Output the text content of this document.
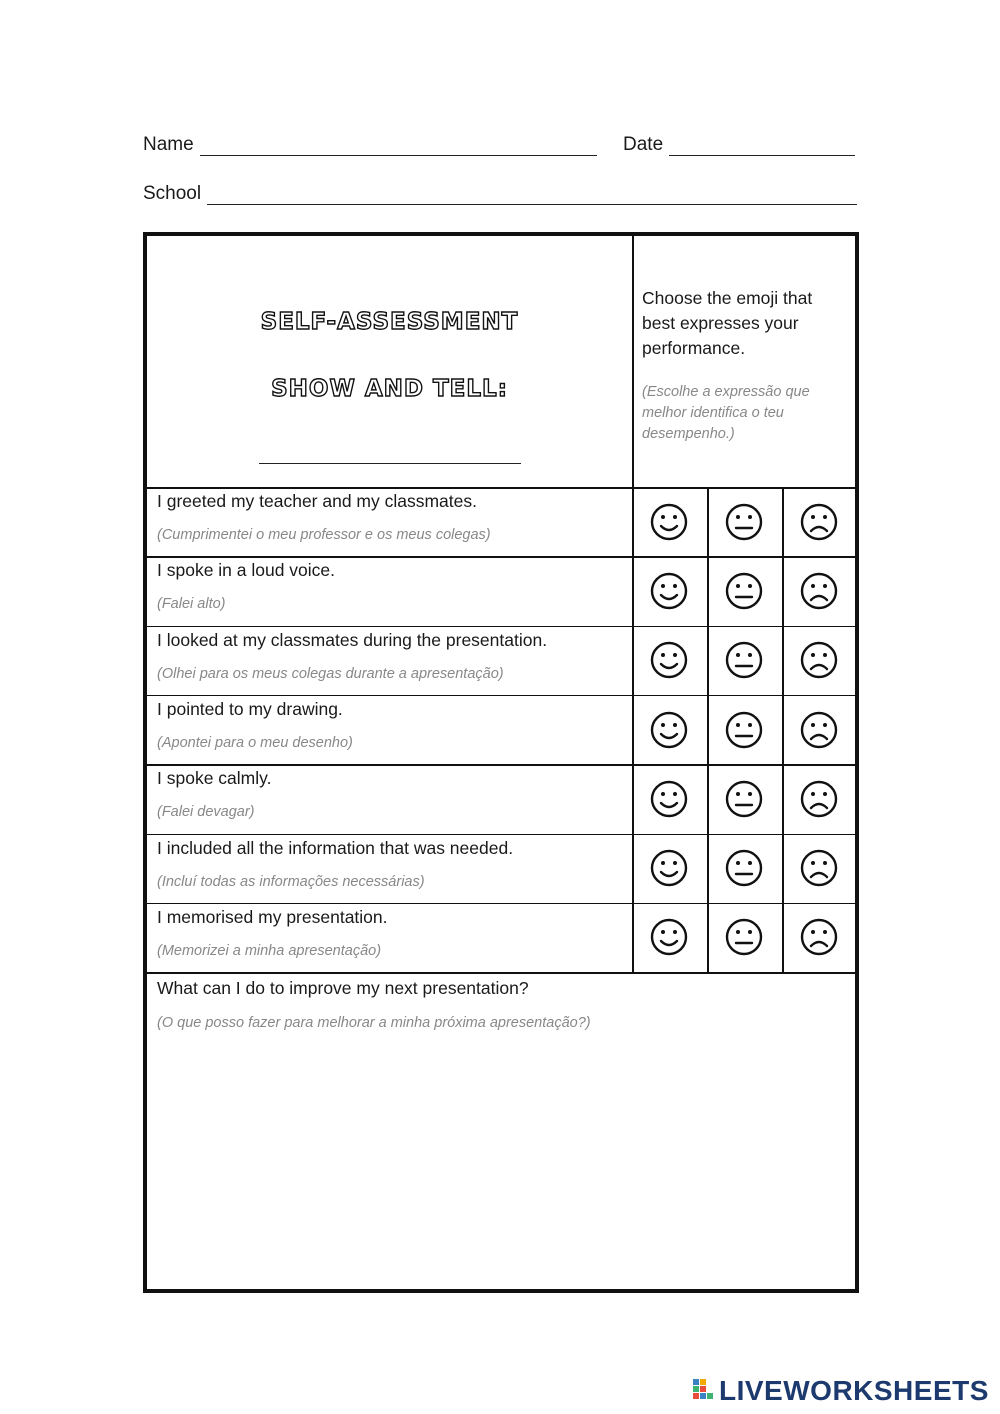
Name	Date
School
SELF-ASSESSMENT
SHOW AND TELL:
Choose the emoji that best expresses your performance.
(Escolhe a expressão que melhor identifica o teu desempenho.)
I greeted my teacher and my classmates.
(Cumprimentei o meu professor e os meus colegas)
I spoke in a loud voice.
(Falei alto)
I looked at my classmates during the presentation.
(Olhei para os meus colegas durante a apresentação)
I pointed to my drawing.
(Apontei para o meu desenho)
I spoke calmly.
(Falei devagar)
I included all the information that was needed.
(Incluí todas as informações necessárias)
I memorised my presentation.
(Memorizei a minha apresentação)
What can I do to improve my next presentation?
(O que posso fazer para melhorar a minha próxima apresentação?)
LIVEWORKSHEETS
